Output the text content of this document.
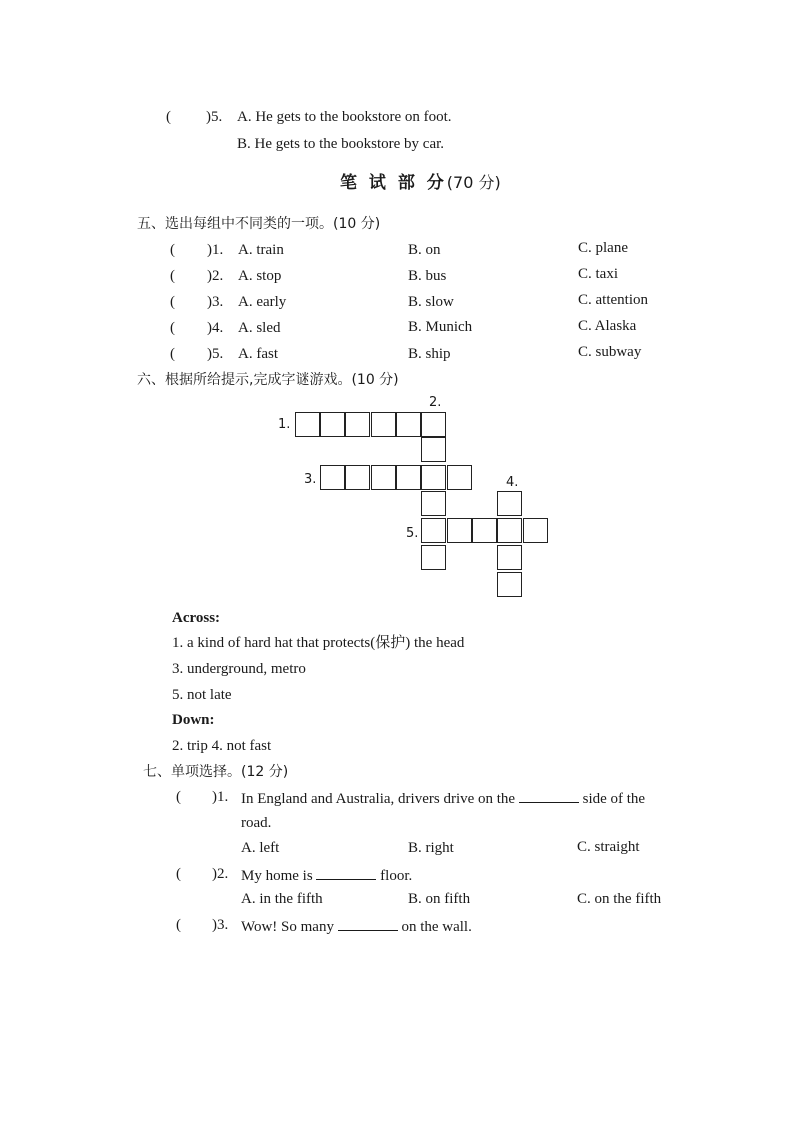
( )5. A. He gets to the bookstore on foot.
B. He gets to the bookstore by car.
笔 试 部 分(70 分)
五、选出每组中不同类的一项。(10 分)
( )1. A. train	B. on	C. plane
( )2. A. stop	B. bus	C. taxi
( )3. A. early	B. slow	C. attention
( )4. A. sled	B. Munich	C. Alaska
( )5. A. fast	B. ship	C. subway
六、根据所给提示,完成字谜游戏。(10 分)
1.
2.
3.	4.
5.
Across:
1. a kind of hard hat that protects(保护) the head
3. underground, metro
5. not late
Down:
2. trip 4. not fast
七、单项选择。(12 分)
( )1. In England and Australia, drivers drive on the	side of the
road.
A. left	B. right	C. straight
( )2. My home is	floor.
A. in the fifth	B. on fifth	C. on the fifth
( )3. Wow! So many	on the wall.
